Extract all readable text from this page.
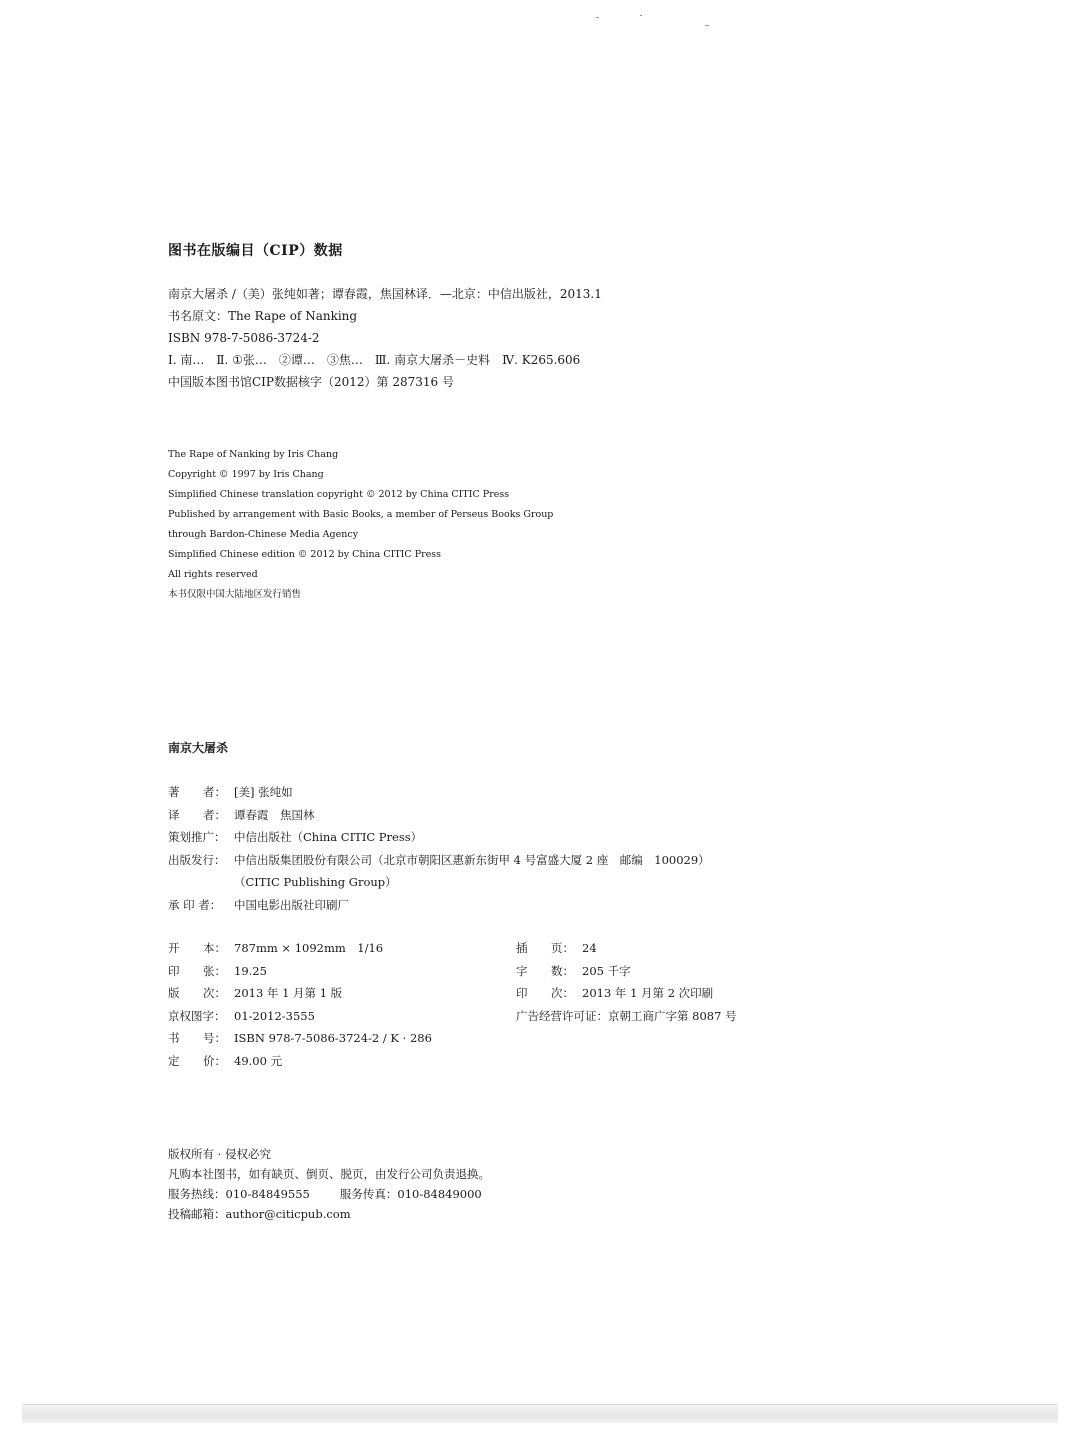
图书在版编目（CIP）数据
南京大屠杀 /（美）张纯如著；谭春霞，焦国林译．—北京：中信出版社，2013.1
书名原文：The Rape of Nanking
ISBN 978-7-5086-3724-2
Ⅰ. 南…　Ⅱ. ①张…　②谭…　③焦…　Ⅲ. 南京大屠杀－史料　Ⅳ. K265.606
中国版本图书馆CIP数据核字（2012）第 287316 号
The Rape of Nanking by Iris Chang
Copyright © 1997 by Iris Chang
Simplified Chinese translation copyright © 2012 by China CITIC Press
Published by arrangement with Basic Books, a member of Perseus Books Group
through Bardon-Chinese Media Agency
Simplified Chinese edition © 2012 by China CITIC Press
All rights reserved
本书仅限中国大陆地区发行销售
南京大屠杀
著 者： [美] 张纯如
译 者： 谭春霞　焦国林
策划推广： 中信出版社（China CITIC Press）
出版发行： 中信出版集团股份有限公司（北京市朝阳区惠新东街甲 4 号富盛大厦 2 座　邮编　100029）
（CITIC Publishing Group）
承 印 者：	中国电影出版社印刷厂
开 本： 787mm × 1092mm　1/16
印 张： 19.25
版 次： 2013 年 1 月第 1 版
京权图字： 01-2012-3555
书 号： ISBN 978-7-5086-3724-2 / K · 286
定 价： 49.00 元
插 页： 24
字 数： 205 千字
印 次： 2013 年 1 月第 2 次印刷
广告经营许可证： 京朝工商广字第 8087 号
版权所有 · 侵权必究
凡购本社图书，如有缺页、倒页、脱页，由发行公司负责退换。
服务热线：010-84849555	服务传真：010-84849000
投稿邮箱：author@citicpub.com
